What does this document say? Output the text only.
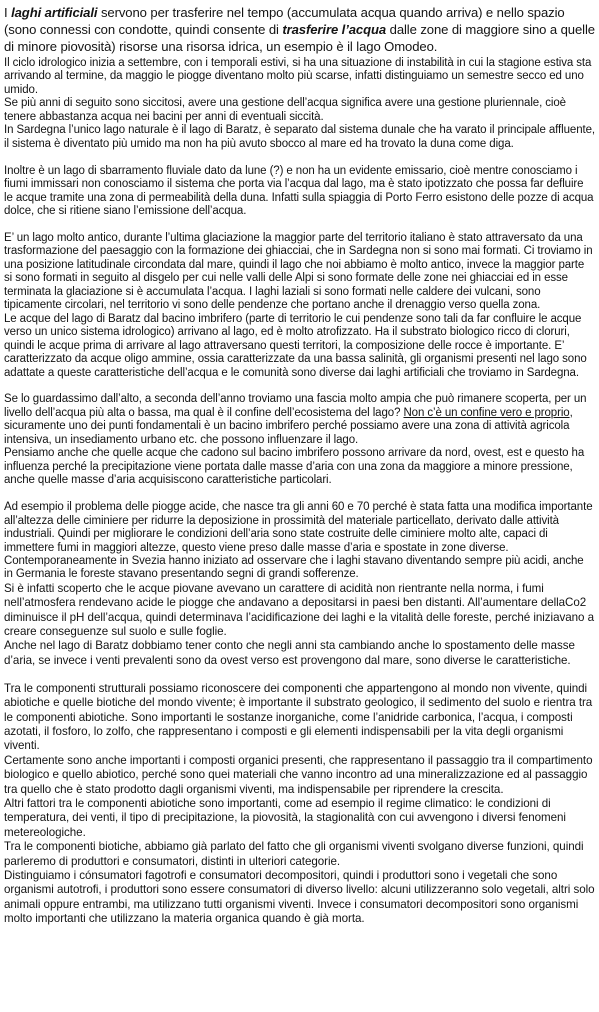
I laghi artificiali servono per trasferire nel tempo (accumulata acqua quando arriva) e nello spazio (sono connessi con condotte, quindi consente di trasferire l’acqua dalle zone di maggiore sino a quelle di minore piovosità) risorse una risorsa idrica, un esempio è il lago Omodeo.

Il ciclo idrologico inizia a settembre, con i temporali estivi, si ha una situazione di instabilità in cui la stagione estiva sta arrivando al termine, da maggio le piogge diventano molto più scarse, infatti distinguiamo un semestre secco ed uno umido.

Se più anni di seguito sono siccitosi, avere una gestione dell’acqua significa avere una gestione pluriennale, cioè tenere abbastanza acqua nei bacini per anni di eventuali siccità.

In Sardegna l’unico lago naturale è il lago di Baratz, è separato dal sistema dunale che ha varato il principale affluente, il sistema è diventato più umido ma non ha più avuto sbocco al mare ed ha trovato la duna come diga.

Inoltre è un lago di sbarramento fluviale dato da lune (?) e non ha un evidente emissario, cioè mentre conosciamo i fiumi immissari non conosciamo il sistema che porta via l’acqua dal lago, ma è stato ipotizzato che possa far defluire le acque tramite una zona di permeabilità della duna. Infatti sulla spiaggia di Porto Ferro esistono delle pozze di acqua dolce, che si ritiene siano l’emissione dell’acqua.

E’ un lago molto antico, durante l’ultima glaciazione la maggior parte del territorio italiano è stato attraversato da una trasformazione del paesaggio con la formazione dei ghiacciai, che in Sardegna non si sono mai formati. Ci troviamo in una posizione latitudinale circondata dal mare, quindi il lago che noi abbiamo è molto antico, invece la maggior parte si sono formati in seguito al disgelo per cui nelle valli delle Alpi si sono formate delle zone nei ghiacciai ed in esse terminata la glaciazione si è accumulata l’acqua. I laghi laziali si sono formati nelle caldere dei vulcani, sono tipicamente circolari, nel territorio vi sono delle pendenze che portano anche il drenaggio verso quella zona.

Le acque del lago di Baratz dal bacino imbrifero (parte di territorio le cui pendenze sono tali da far confluire le acque verso un unico sistema idrologico) arrivano al lago, ed è molto atrofizzato. Ha il substrato biologico ricco di cloruri, quindi le acque prima di arrivare al lago attraversano questi territori, la composizione delle rocce è importante. E’ caratterizzato da acque oligo ammine, ossia caratterizzate da una bassa salinità, gli organismi presenti nel lago sono adattate a queste caratteristiche dell’acqua e le comunità sono diverse dai laghi artificiali che troviamo in Sardegna.

Se lo guardassimo dall’alto, a seconda dell’anno troviamo una fascia molto ampia che può rimanere scoperta, per un livello dell’acqua più alta o bassa, ma qual è il confine dell’ecosistema del lago? Non c’è un confine vero e proprio, sicuramente uno dei punti fondamentali è un bacino imbrifero perché possiamo avere una zona di attività agricola intensiva, un insediamento urbano etc. che possono influenzare il lago.

Pensiamo anche che quelle acque che cadono sul bacino imbrifero possono arrivare da nord, ovest, est e questo ha influenza perché la precipitazione viene portata dalle masse d’aria con una zona da maggiore a minore pressione, anche quelle masse d’aria acquisiscono caratteristiche particolari.

Ad esempio il problema delle piogge acide, che nasce tra gli anni 60 e 70 perché è stata fatta una modifica importante all’altezza delle ciminiere per ridurre la deposizione in prossimità del materiale particellato, derivato dalle attività industriali. Quindi per migliorare le condizioni dell’aria sono state costruite delle ciminiere molto alte, capaci di immettere fumi in maggiori altezze, questo viene preso dalle masse d’aria e spostate in zone diverse. Contemporaneamente in Svezia hanno iniziato ad osservare che i laghi stavano diventando sempre più acidi, anche in Germania le foreste stavano presentando segni di grandi sofferenze.

Si è infatti scoperto che le acque piovane avevano un carattere di acidità non rientrante nella norma, i fumi nell’atmosfera rendevano acide le piogge che andavano a depositarsi in paesi ben distanti. All’aumentare dellaCo2 diminuisce il pH dell’acqua, quindi determinava l’acidificazione dei laghi e la vitalità delle foreste, perché iniziavano a creare conseguenze sul suolo e sulle foglie.

Anche nel lago di Baratz dobbiamo tener conto che negli anni sta cambiando anche lo spostamento delle masse d’aria, se invece i venti prevalenti sono da ovest verso est provengono dal mare, sono diverse le caratteristiche.

Tra le componenti strutturali possiamo riconoscere dei componenti che appartengono al mondo non vivente, quindi abiotiche e quelle biotiche del mondo vivente; è importante il substrato geologico, il sedimento del suolo e rientra tra le componenti abiotiche. Sono importanti le sostanze inorganiche, come l’anidride carbonica, l’acqua, i composti azotati, il fosforo, lo zolfo, che rappresentano i composti e gli elementi indispensabili per la vita degli organismi viventi.

Certamente sono anche importanti i composti organici presenti, che rappresentano il passaggio tra il compartimento biologico e quello abiotico, perché sono quei materiali che vanno incontro ad una mineralizzazione ed al passaggio tra quello che è stato prodotto dagli organismi viventi, ma indispensabile per riprendere la crescita.

Altri fattori tra le componenti abiotiche sono importanti, come ad esempio il regime climatico: le condizioni di temperatura, dei venti, il tipo di precipitazione, la piovosità, la stagionalità con cui avvengono i diversi fenomeni metereologiche.

Tra le componenti biotiche, abbiamo già parlato del fatto che gli organismi viventi svolgano diverse funzioni, quindi parleremo di produttori e consumatori, distinti in ulteriori categorie.

Distinguiamo i cónsumatori fagotrofi e consumatori decompositori, quindi i produttori sono i vegetali che sono organismi autotrofi, i produttori sono essere consumatori di diverso livello: alcuni utilizzeranno solo vegetali, altri solo animali oppure entrambi, ma utilizzano tutti organismi viventi. Invece i consumatori decompositori sono organismi molto importanti che utilizzano la materia organica quando è già morta.
